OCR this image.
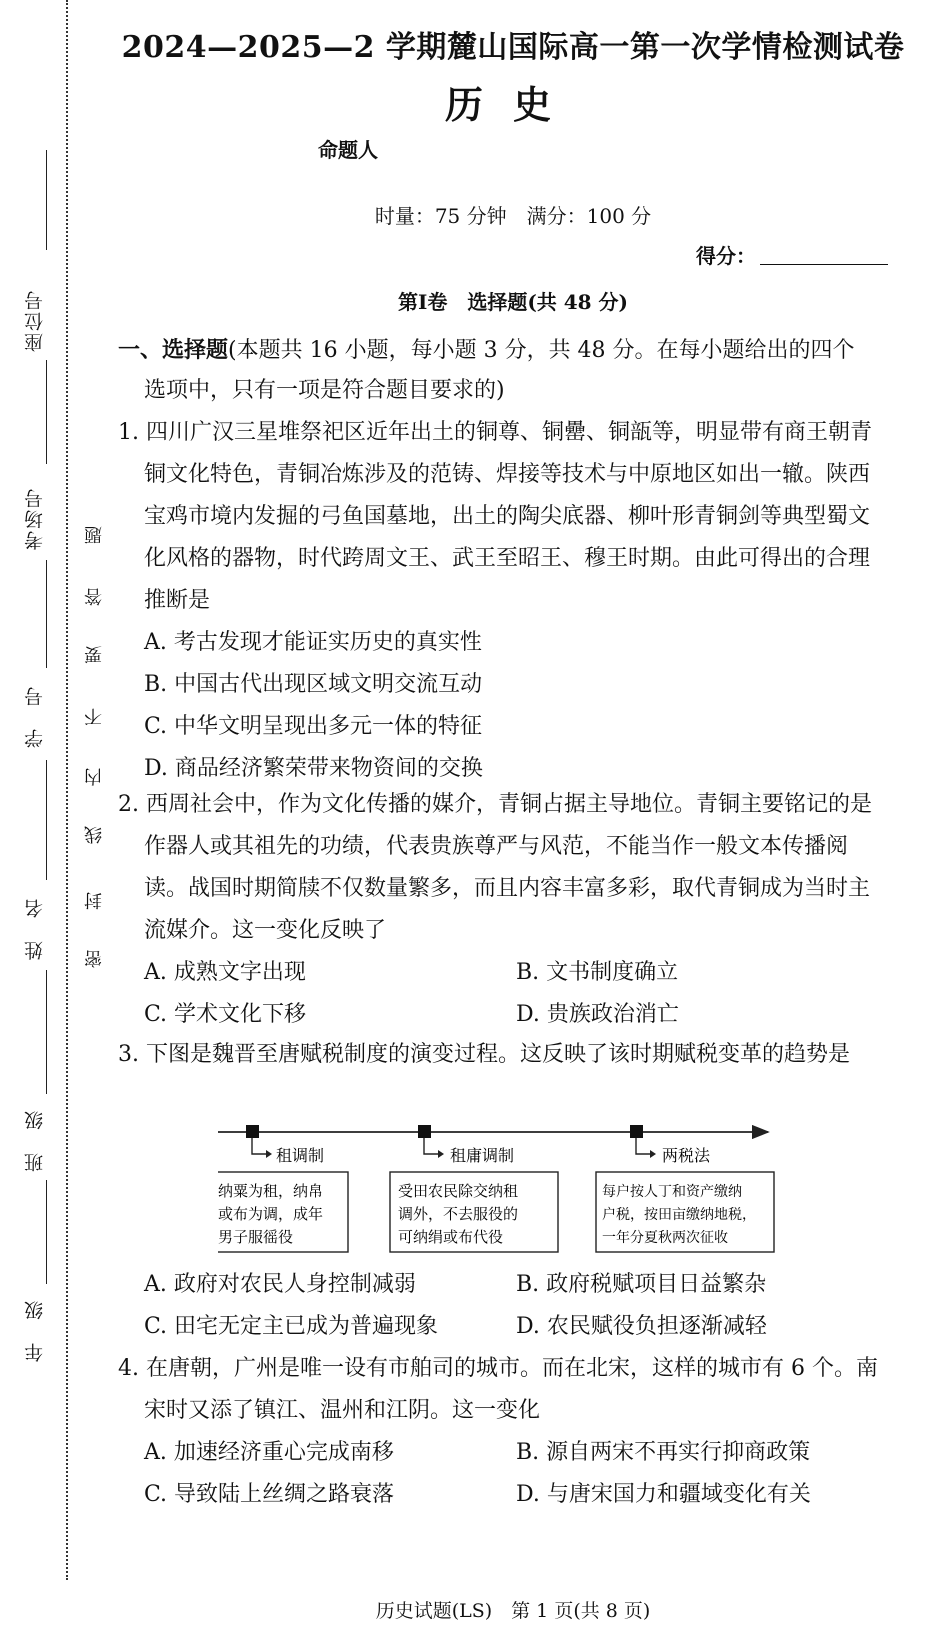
座位号
考场号
学　号
姓　名
班　级
年　级
密
封
线
内
不
要
答
题
2024—2025—2 学期麓山国际高一第一次学情检测试卷
历史
命题人
时量：75 分钟　满分：100 分
得分：
第Ⅰ卷　选择题(共 48 分)
一、选择题(本题共 16 小题，每小题 3 分，共 48 分。在每小题给出的四个
选项中，只有一项是符合题目要求的)
1. 四川广汉三星堆祭祀区近年出土的铜尊、铜罍、铜瓿等，明显带有商王朝青铜文化特色，青铜冶炼涉及的范铸、焊接等技术与中原地区如出一辙。陕西宝鸡市境内发掘的弓鱼国墓地，出土的陶尖底器、柳叶形青铜剑等典型蜀文化风格的器物，时代跨周文王、武王至昭王、穆王时期。由此可得出的合理推断是
A. 考古发现才能证实历史的真实性
B. 中国古代出现区域文明交流互动
C. 中华文明呈现出多元一体的特征
D. 商品经济繁荣带来物资间的交换
2. 西周社会中，作为文化传播的媒介，青铜占据主导地位。青铜主要铭记的是作器人或其祖先的功绩，代表贵族尊严与风范，不能当作一般文本传播阅读。战国时期简牍不仅数量繁多，而且内容丰富多彩，取代青铜成为当时主流媒介。这一变化反映了
A. 成熟文字出现	B. 文书制度确立
C. 学术文化下移	D. 贵族政治消亡
3. 下图是魏晋至唐赋税制度的演变过程。这反映了该时期赋税变革的趋势是
租调制
纳粟为租，纳帛
或布为调，成年
男子服徭役
租庸调制
受田农民除交纳租
调外，不去服役的
可纳绢或布代役
两税法
每户按人丁和资产缴纳
户税，按田亩缴纳地税，
一年分夏秋两次征收
A. 政府对农民人身控制减弱	B. 政府税赋项目日益繁杂
C. 田宅无定主已成为普遍现象	D. 农民赋役负担逐渐减轻
4. 在唐朝，广州是唯一设有市舶司的城市。而在北宋，这样的城市有 6 个。南宋时又添了镇江、温州和江阴。这一变化
A. 加速经济重心完成南移	B. 源自两宋不再实行抑商政策
C. 导致陆上丝绸之路衰落	D. 与唐宋国力和疆域变化有关
历史试题(LS)　第 1 页(共 8 页)
